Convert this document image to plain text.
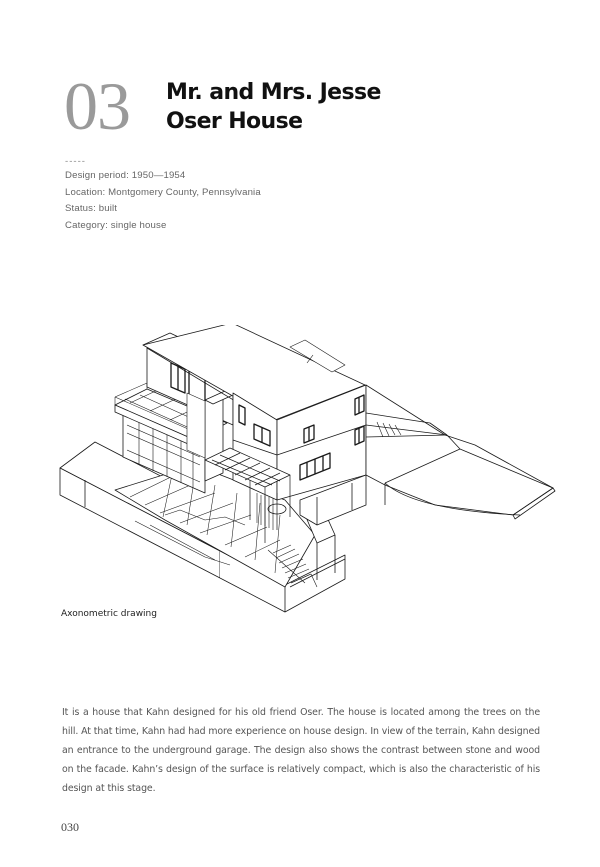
03 Mr. and Mrs. Jesse
Oser House
-----
Design period: 1950—1954
Location: Montgomery County, Pennsylvania
Status: built
Category: single house
Axonometric drawing
It is a house that Kahn designed for his old friend Oser. The house is located among the trees on the hill. At that time, Kahn had had more experience on house design. In view of the terrain, Kahn designed an entrance to the underground garage. The design also shows the contrast between stone and wood on the facade. Kahn’s design of the surface is relatively compact, which is also the characteristic of his design at this stage.
030
